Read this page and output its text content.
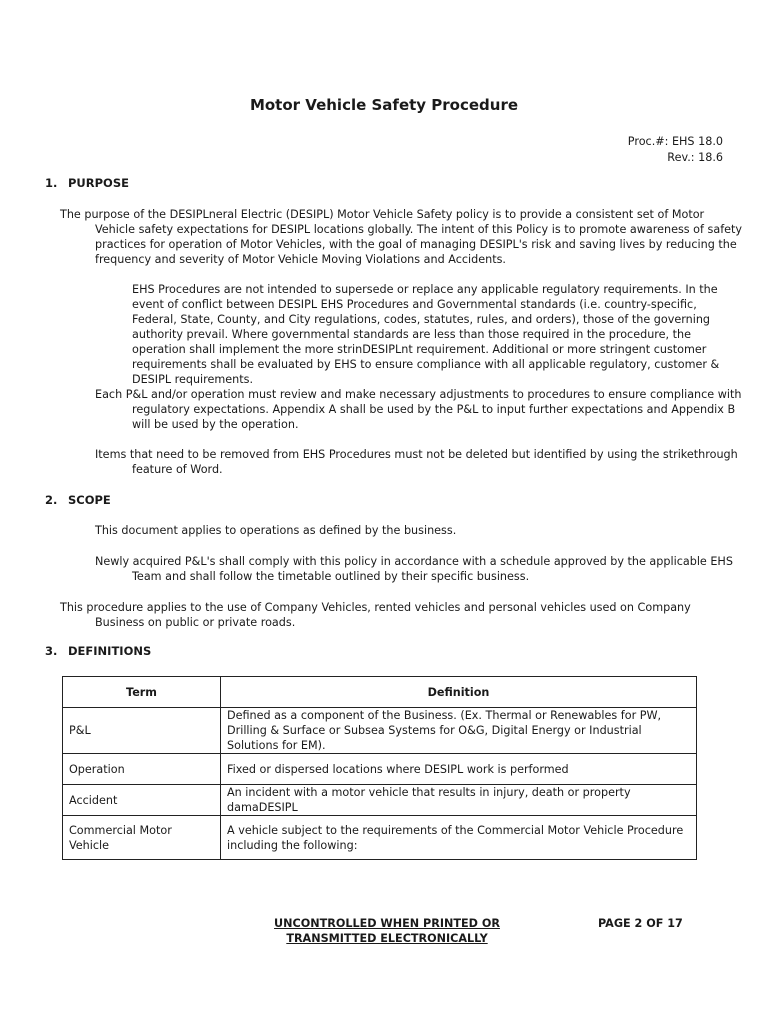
Motor Vehicle Safety Procedure
Proc.#: EHS 18.0
Rev.: 18.6
1. PURPOSE

The purpose of the DESIPLneral Electric (DESIPL) Motor Vehicle Safety policy is to provide a consistent set of Motor Vehicle safety expectations for DESIPL locations globally. The intent of this Policy is to promote awareness of safety practices for operation of Motor Vehicles, with the goal of managing DESIPL's risk and saving lives by reducing the frequency and severity of Motor Vehicle Moving Violations and Accidents.

EHS Procedures are not intended to supersede or replace any applicable regulatory requirements. In the event of conflict between DESIPL EHS Procedures and Governmental standards (i.e. country-specific, Federal, State, County, and City regulations, codes, statutes, rules, and orders), those of the governing authority prevail. Where governmental standards are less than those required in the procedure, the operation shall implement the more strinDESIPLnt requirement. Additional or more stringent customer requirements shall be evaluated by EHS to ensure compliance with all applicable regulatory, customer & DESIPL requirements.

Each P&L and/or operation must review and make necessary adjustments to procedures to ensure compliance with regulatory expectations. Appendix A shall be used by the P&L to input further expectations and Appendix B will be used by the operation.

Items that need to be removed from EHS Procedures must not be deleted but identified by using the strikethrough feature of Word.

2. SCOPE

This document applies to operations as defined by the business.

Newly acquired P&L's shall comply with this policy in accordance with a schedule approved by the applicable EHS Team and shall follow the timetable outlined by their specific business.

This procedure applies to the use of Company Vehicles, rented vehicles and personal vehicles used on Company Business on public or private roads.

3. DEFINITIONS
Term	Definition
P&L	Defined as a component of the Business. (Ex. Thermal or Renewables for PW, Drilling & Surface or Subsea Systems for O&G, Digital Energy or Industrial Solutions for EM).
Operation	Fixed or dispersed locations where DESIPL work is performed
Accident	An incident with a motor vehicle that results in injury, death or property damaDESIPL
Commercial Motor Vehicle	A vehicle subject to the requirements of the Commercial Motor Vehicle Procedure including the following:
UNCONTROLLED WHEN PRINTED OR
TRANSMITTED ELECTRONICALLY
PAGE 2 OF 17
